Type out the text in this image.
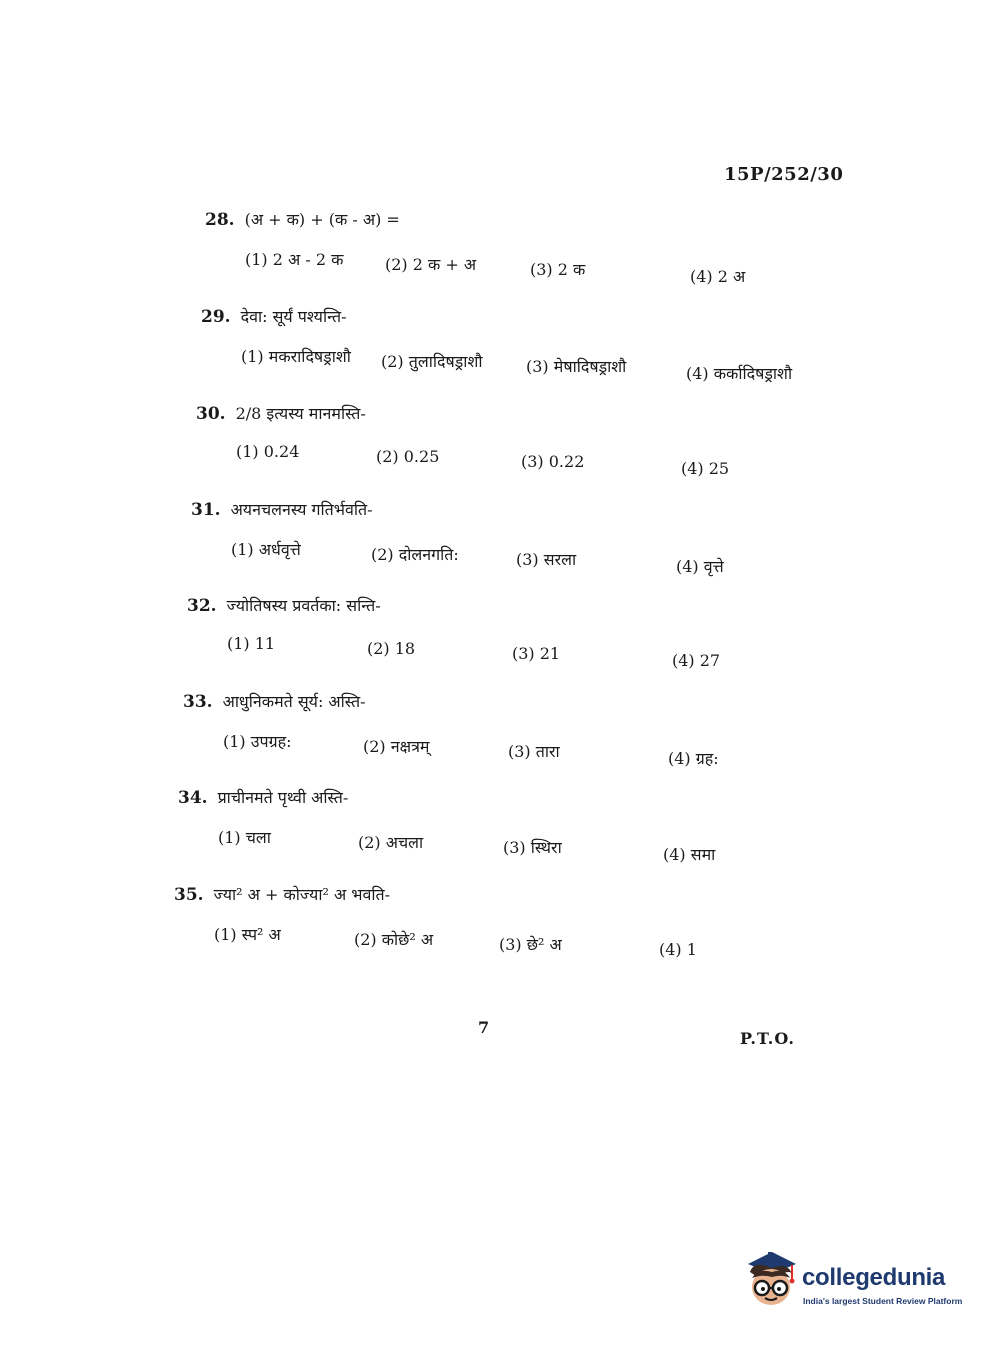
15P/252/30
28. (अ + क) + (क - अ) =
(1) 2 अ - 2 क	(2) 2 क + अ	(3) 2 क	(4) 2 अ
29. देवा: सूर्यं पश्यन्ति-
(1) मकरादिषड्राशौ (2) तुलादिषड्राशौ	(3) मेषादिषड्राशौ	(4) कर्कादिषड्राशौ
30. 2/8 इत्यस्य मानमस्ति-
(1) 0.24	(2) 0.25	(3) 0.22	(4) 25
31. अयनचलनस्य गतिर्भवति-
(1) अर्धवृत्ते	(2) दोलनगति:	(3) सरला	(4) वृत्ते
32. ज्योतिषस्य प्रवर्तका: सन्ति-
(1) 11	(2) 18	(3) 21	(4) 27
33. आधुनिकमते सूर्य: अस्ति-
(1) उपग्रह:	(2) नक्षत्रम्	(3) तारा	(4) ग्रह:
34. प्राचीनमते पृथ्वी अस्ति-
(1) चला	(2) अचला	(3) स्थिरा	(4) समा
35. ज्या² अ + कोज्या² अ भवति-
(1) स्प² अ	(2) कोछे² अ	(3) छे² अ	(4) 1
7
P.T.O.
collegedunia
India's largest Student Review Platform
